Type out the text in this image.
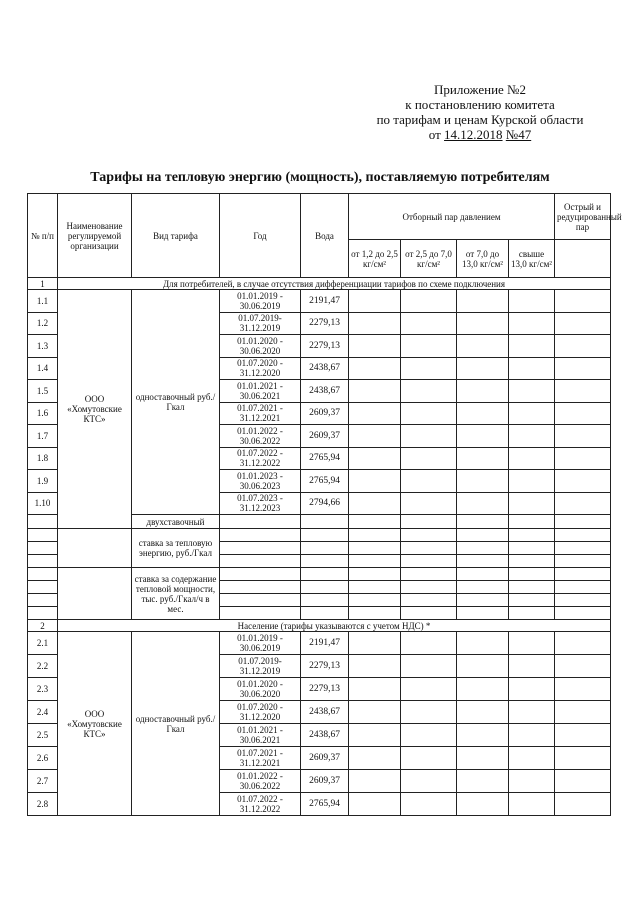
Приложение №2
к постановлению комитета
по тарифам и ценам Курской области
от 14.12.2018 №47
Тарифы на тепловую энергию (мощность), поставляемую потребителям
№ п/п	Наименование регулируемой организации	Вид тарифа	Год	Вода	Отборный пар давлением				Острый и редуцированный пар
					от 1,2 до 2,5 кг/см²	от 2,5 до 7,0 кг/см²	от 7,0 до 13,0 кг/см²	свыше 13,0 кг/см²	
1	Для потребителей, в случае отсутствия дифференциации тарифов по схеме подключения								
1.1	ООО «Хомутовские КТС»	одноставочный руб./Гкал	01.01.2019 - 30.06.2019	2191,47					
1.2			01.07.2019- 31.12.2019	2279,13					
1.3			01.01.2020 - 30.06.2020	2279,13					
1.4			01.07.2020 - 31.12.2020	2438,67					
1.5			01.01.2021 - 30.06.2021	2438,67					
1.6			01.07.2021 - 31.12.2021	2609,37					
1.7			01.01.2022 - 30.06.2022	2609,37					
1.8			01.07.2022 - 31.12.2022	2765,94					
1.9			01.01.2023 - 30.06.2023	2765,94					
1.10			01.07.2023 - 31.12.2023	2794,66					
		двухставочный							
		ставка за тепловую энергию, руб./Гкал							

		ставка за содержание тепловой мощности, тыс. руб./Гкал/ч в мес.							

2	Население (тарифы указываются с учетом НДС) *								
2.1	ООО «Хомутовские КТС»	одноставочный руб./Гкал	01.01.2019 - 30.06.2019	2191,47					
2.2			01.07.2019- 31.12.2019	2279,13					
2.3			01.01.2020 - 30.06.2020	2279,13					
2.4			01.07.2020 - 31.12.2020	2438,67					
2.5			01.01.2021 - 30.06.2021	2438,67					
2.6			01.07.2021 - 31.12.2021	2609,37					
2.7			01.01.2022 - 30.06.2022	2609,37					
2.8			01.07.2022 - 31.12.2022	2765,94					
